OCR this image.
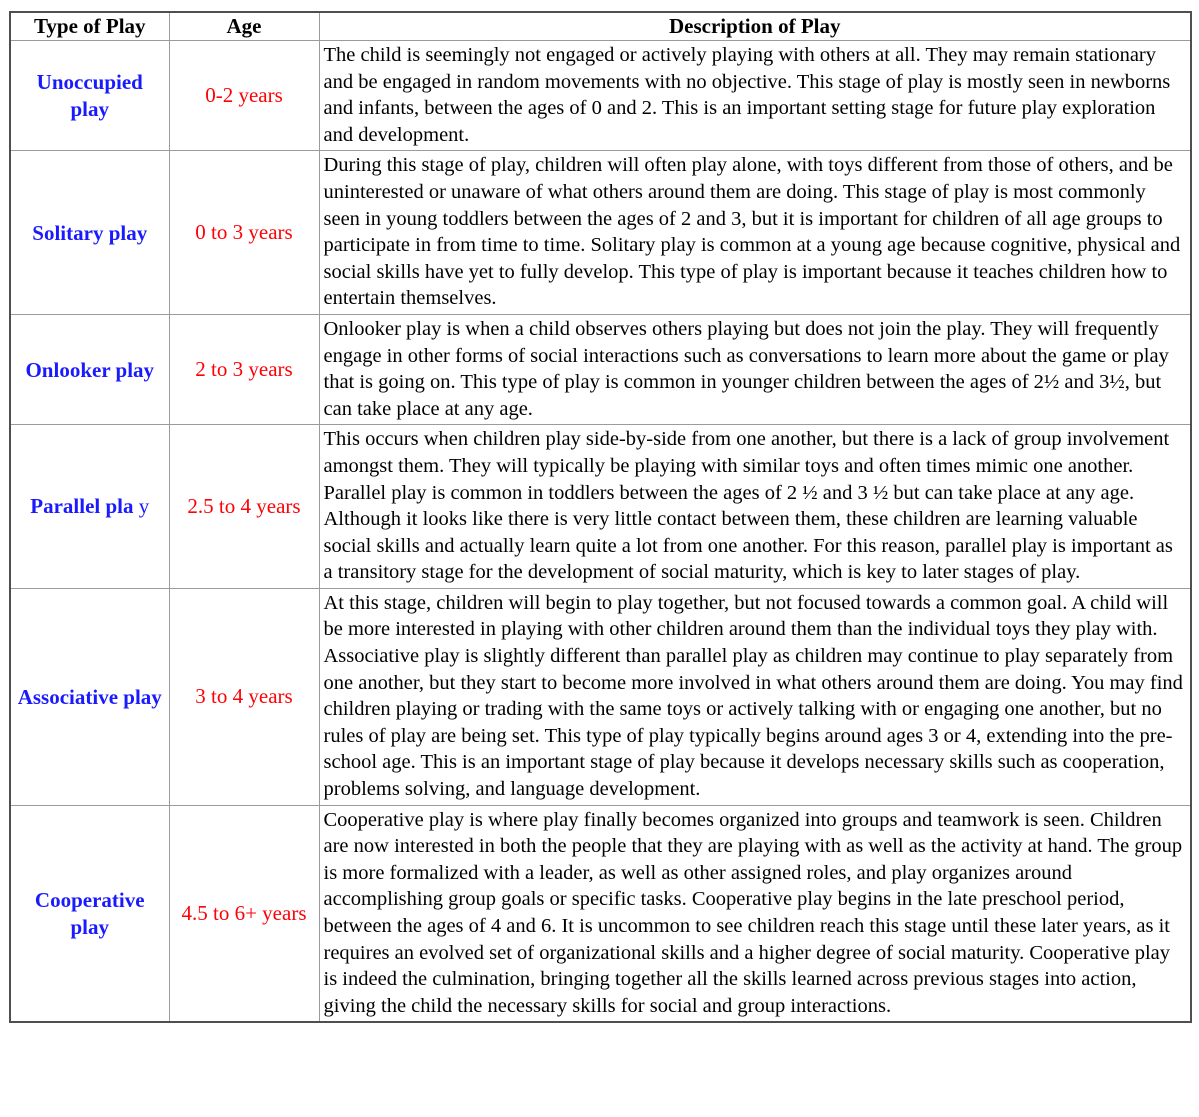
Type of Play	Age	Description of Play
Unoccupied play	0-2 years	The child is seemingly not engaged or actively playing with others at all. They may remain stationary and be engaged in random movements with no objective. This stage of play is mostly seen in newborns and infants, between the ages of 0 and 2. This is an important setting stage for future play exploration and development.
Solitary play	0 to 3 years	During this stage of play, children will often play alone, with toys different from those of others, and be uninterested or unaware of what others around them are doing. This stage of play is most commonly seen in young toddlers between the ages of 2 and 3, but it is important for children of all age groups to participate in from time to time. Solitary play is common at a young age because cognitive, physical and social skills have yet to fully develop. This type of play is important because it teaches children how to entertain themselves.
Onlooker play	2 to 3 years	Onlooker play is when a child observes others playing but does not join the play. They will frequently engage in other forms of social interactions such as conversations to learn more about the game or play that is going on. This type of play is common in younger children between the ages of 2½ and 3½, but can take place at any age.
Parallel pla y	2.5 to 4 years	This occurs when children play side-by-side from one another, but there is a lack of group involvement amongst them. They will typically be playing with similar toys and often times mimic one another. Parallel play is common in toddlers between the ages of 2 ½ and 3 ½ but can take place at any age. Although it looks like there is very little contact between them, these children are learning valuable social skills and actually learn quite a lot from one another. For this reason, parallel play is important as a transitory stage for the development of social maturity, which is key to later stages of play.
Associative play	3 to 4 years	At this stage, children will begin to play together, but not focused towards a common goal. A child will be more interested in playing with other children around them than the individual toys they play with. Associative play is slightly different than parallel play as children may continue to play separately from one another, but they start to become more involved in what others around them are doing. You may find children playing or trading with the same toys or actively talking with or engaging one another, but no rules of play are being set. This type of play typically begins around ages 3 or 4, extending into the pre-school age. This is an important stage of play because it develops necessary skills such as cooperation, problems solving, and language development.
Cooperative play	4.5 to 6+ years	Cooperative play is where play finally becomes organized into groups and teamwork is seen. Children are now interested in both the people that they are playing with as well as the activity at hand. The group is more formalized with a leader, as well as other assigned roles, and play organizes around accomplishing group goals or specific tasks. Cooperative play begins in the late preschool period, between the ages of 4 and 6. It is uncommon to see children reach this stage until these later years, as it requires an evolved set of organizational skills and a higher degree of social maturity. Cooperative play is indeed the culmination, bringing together all the skills learned across previous stages into action, giving the child the necessary skills for social and group interactions.
